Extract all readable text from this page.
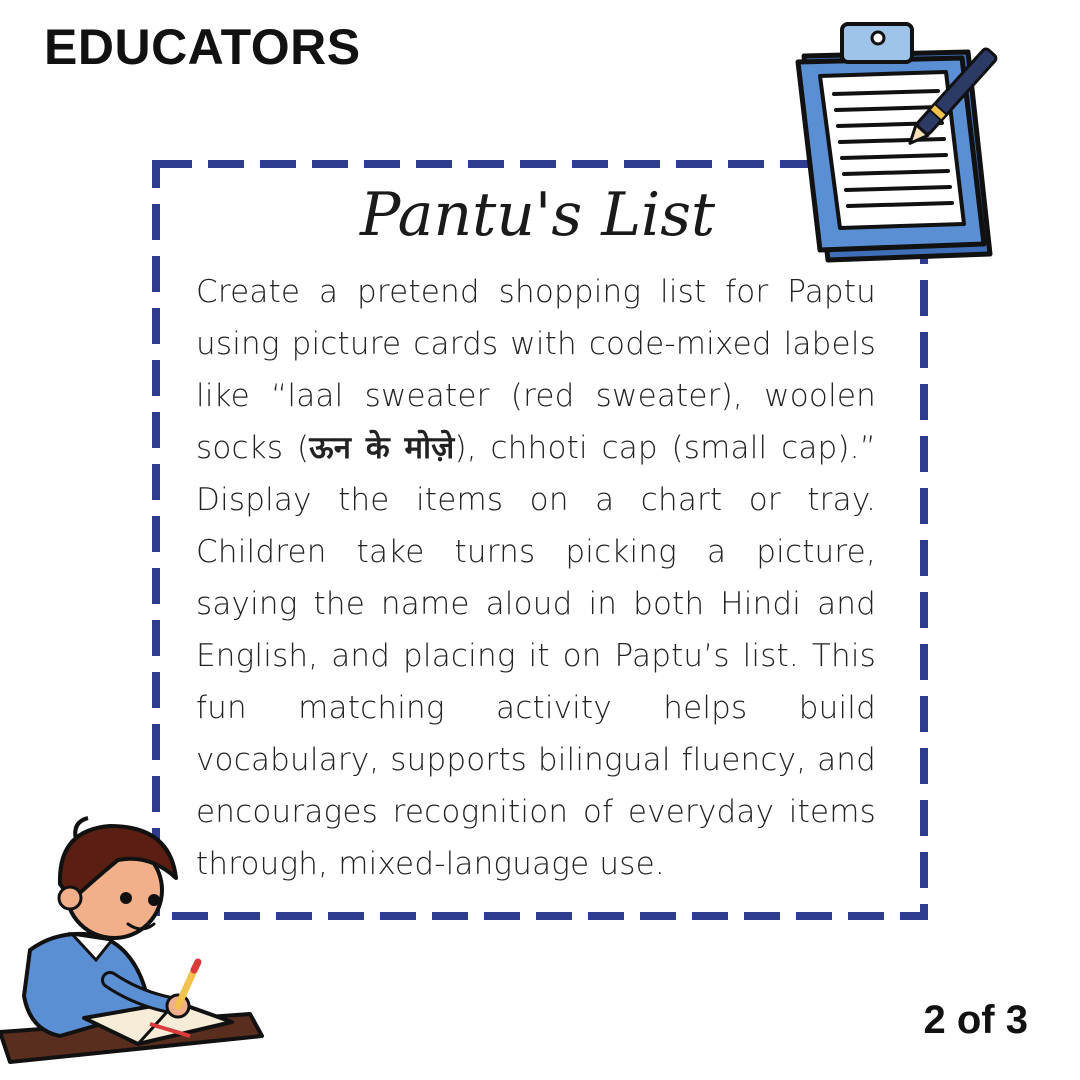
EDUCATORS
Pantu's List
Create a pretend shopping list for Paptu using picture cards with code-mixed labels like “laal sweater (red sweater), woolen socks (ऊन के मोज़े), chhoti cap (small cap).” Display the items on a chart or tray. Children take turns picking a picture, saying the name aloud in both Hindi and English, and placing it on Paptu’s list. This fun matching activity helps build vocabulary, supports bilingual fluency, and encourages recognition of everyday items through, mixed-language use.
2 of 3
